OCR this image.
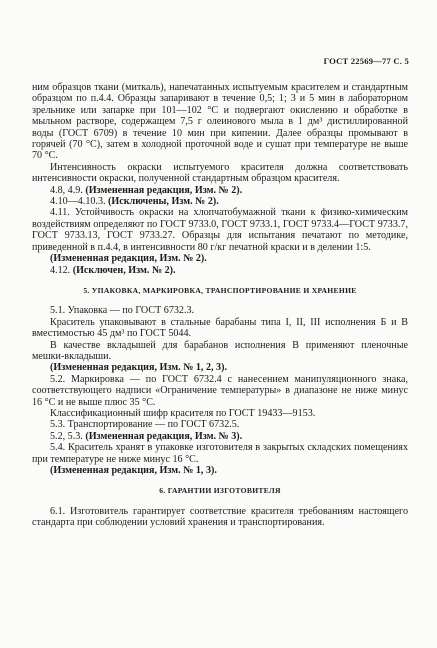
ГОСТ 22569—77 С. 5

ним образцов ткани (миткаль), напечатанных испытуемым красителем и стандартным образцом по п.4.4. Образцы запаривают в течение 0,5; 1; 3 и 5 мин в лабораторном зрельнике или запарке при 101—102 °С и подвергают окислению и обработке в мыльном растворе, содержащем 7,5 г олеинового мыла в 1 дм³ дистиллированной воды (ГОСТ 6709) в течение 10 мин при кипении. Далее образцы промывают в горячей (70 °С), затем в холодной проточной воде и сушат при температуре не выше 70 °С.

Интенсивность окраски испытуемого красителя должна соответствовать интенсивности окраски, полученной стандартным образцом красителя.

4.8, 4.9. (Измененная редакция, Изм. № 2).

4.10—4.10.3. (Исключены, Изм. № 2).

4.11. Устойчивость окраски на хлопчатобумажной ткани к физико-химическим воздействиям определяют по ГОСТ 9733.0, ГОСТ 9733.1, ГОСТ 9733.4—ГОСТ 9733.7, ГОСТ 9733.13, ГОСТ 9733.27. Образцы для испытания печатают по методике, приведенной в п.4.4, в интенсивности 80 г/кг печатной краски и в делении 1:5.

(Измененная редакция, Изм. № 2).

4.12. (Исключен, Изм. № 2).

5. УПАКОВКА, МАРКИРОВКА, ТРАНСПОРТИРОВАНИЕ И ХРАНЕНИЕ

5.1. Упаковка — по ГОСТ 6732.3.

Краситель упаковывают в стальные барабаны типа I, II, III исполнения Б и В вместимостью 45 дм³ по ГОСТ 5044.

В качестве вкладышей для барабанов исполнения В применяют пленочные мешки-вкладыши.

(Измененная редакция, Изм. № 1, 2, 3).

5.2. Маркировка — по ГОСТ 6732.4 с нанесением манипуляционного знака, соответствующего надписи «Ограничение температуры» в диапазоне не ниже минус 16 °С и не выше плюс 35 °С.

Классификационный шифр красителя по ГОСТ 19433—9153.

5.3. Транспортирование — по ГОСТ 6732.5.

5.2, 5.3. (Измененная редакция, Изм. № 3).

5.4. Краситель хранят в упаковке изготовителя в закрытых складских помещениях при температуре не ниже минус 16 °С.

(Измененная редакция, Изм. № 1, 3).

6. ГАРАНТИИ ИЗГОТОВИТЕЛЯ

6.1. Изготовитель гарантирует соответствие красителя требованиям настоящего стандарта при соблюдении условий хранения и транспортирования.
